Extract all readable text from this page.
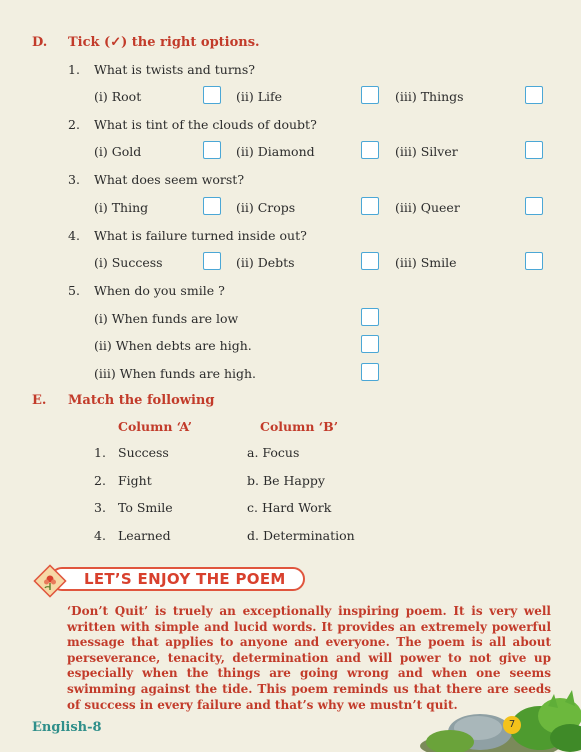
D. Tick (✓) the right options.
1. What is twists and turns?
(i) Root	(ii) Life	(iii) Things
2. What is tint of the clouds of doubt?
(i) Gold	(ii) Diamond	(iii) Silver
3. What does seem worst?
(i) Thing	(ii) Crops	(iii) Queer
4. What is failure turned inside out?
(i) Success	(ii) Debts	(iii) Smile
5. When do you smile ?
(i) When funds are low
(ii) When debts are high.
(iii) When funds are high.
E. Match the following
Column ‘A’	Column ‘B’
1. Success	a. Focus
2. Fight	b. Be Happy
3. To Smile	c. Hard Work
4. Learned	d. Determination
LET’S ENJOY THE POEM
‘Don’t Quit’ is truely an exceptionally inspiring poem. It is very well written with simple and lucid words. It provides an extremely powerful message that applies to anyone and everyone. The poem is all about perseverance, tenacity, determination and will power to not give up especially when the things are going wrong and when one seems swimming against the tide. This poem reminds us that there are seeds of success in every failure and that’s why we mustn’t quit.
English-8	7
